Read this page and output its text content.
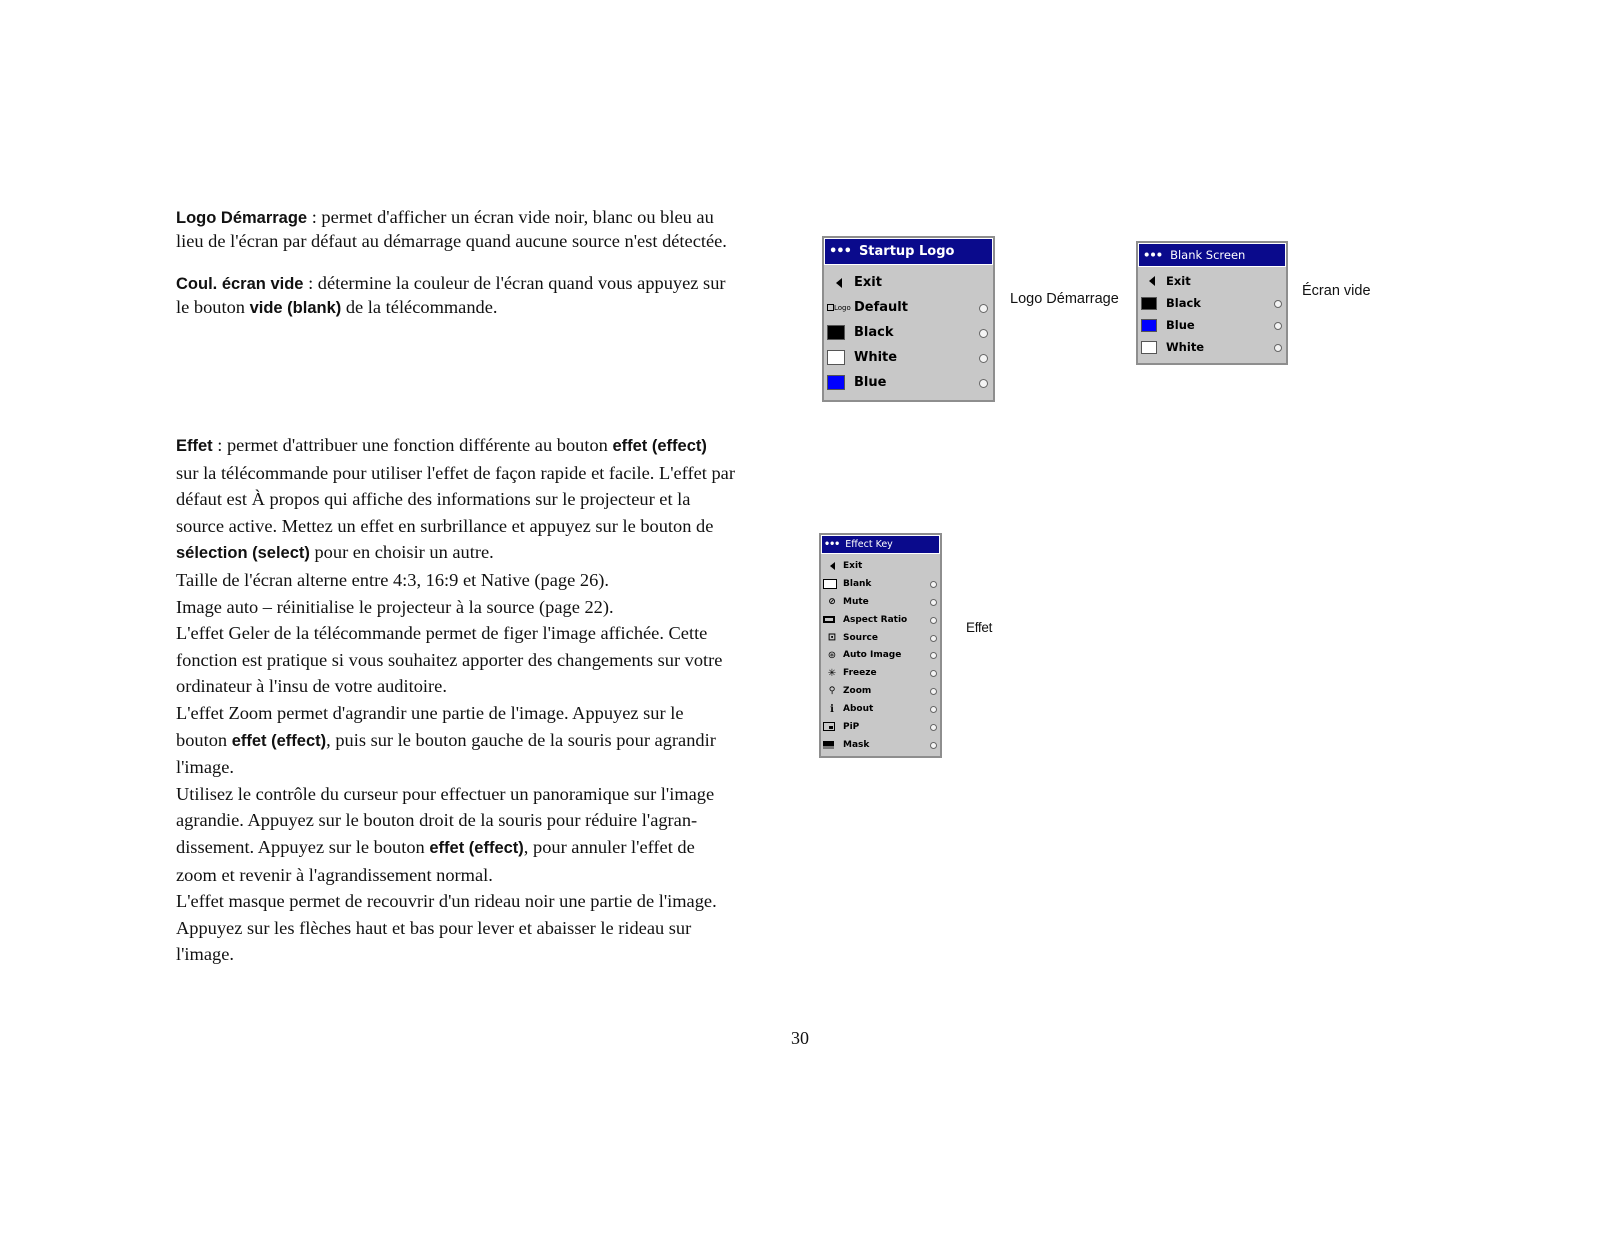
Logo Démarrage : permet d'afficher un écran vide noir, blanc ou bleu au

lieu de l'écran par défaut au démarrage quand aucune source n'est détectée.

Coul. écran vide : détermine la couleur de l'écran quand vous appuyez sur

le bouton vide (blank) de la télécommande.

Effet : permet d'attribuer une fonction différente au bouton effet (effect)

sur la télécommande pour utiliser l'effet de façon rapide et facile. L'effet par

défaut est À propos qui affiche des informations sur le projecteur et la

source active. Mettez un effet en surbrillance et appuyez sur le bouton de

sélection (select) pour en choisir un autre.

Taille de l'écran alterne entre 4:3, 16:9 et Native (page 26).

Image auto – réinitialise le projecteur à la source (page 22).

L'effet Geler de la télécommande permet de figer l'image affichée. Cette

fonction est pratique si vous souhaitez apporter des changements sur votre

ordinateur à l'insu de votre auditoire.

L'effet Zoom permet d'agrandir une partie de l'image. Appuyez sur le

bouton effet (effect), puis sur le bouton gauche de la souris pour agrandir

l'image.

Utilisez le contrôle du curseur pour effectuer un panoramique sur l'image

agrandie. Appuyez sur le bouton droit de la souris pour réduire l'agran-

dissement. Appuyez sur le bouton effet (effect), pour annuler l'effet de

zoom et revenir à l'agrandissement normal.

L'effet masque permet de recouvrir d'un rideau noir une partie de l'image.

Appuyez sur les flèches haut et bas pour lever et abaisser le rideau sur

l'image.

••• Startup Logo
Exit
Logo Default
Black
White
Blue
Logo Démarrage
••• Blank Screen
Exit
Black
Blue
White
Écran vide
••• Effect Key
Exit
Blank
⊘ Mute
Aspect Ratio
⊡ Source
⊛ Auto Image
✳ Freeze
⚲ Zoom
i	About
PiP
Mask
Effet
30
